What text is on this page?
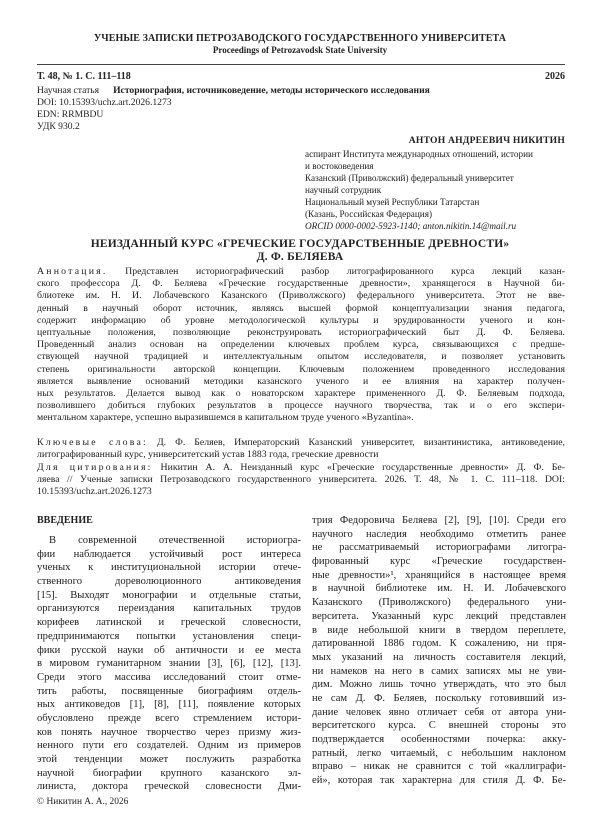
УЧЕНЫЕ ЗАПИСКИ ПЕТРОЗАВОДСКОГО ГОСУДАРСТВЕННОГО УНИВЕРСИТЕТА
Proceedings of Petrozavodsk State University
Т. 48, № 1. С. 111–118	2026
Научная статья Историография, источниковедение, методы исторического исследования
DOI: 10.15393/uchz.art.2026.1273
EDN: RRMBDU
УДК 930.2
АНТОН АНДРЕЕВИЧ НИКИТИН
аспирант Института международных отношений, истории
и востоковедения
Казанский (Приволжский) федеральный университет
научный сотрудник
Национальный музей Республики Татарстан
(Казань, Российская Федерация)
ORCID 0000-0002-5923-1140; anton.nikitin.14@mail.ru
НЕИЗДАННЫЙ КУРС «ГРЕЧЕСКИЕ ГОСУДАРСТВЕННЫЕ ДРЕВНОСТИ»
Д. Ф. БЕЛЯЕВА
Аннотация. Представлен историографический разбор литографированного курса лекций казан-
ского профессора Д. Ф. Беляева «Греческие государственные древности», хранящегося в Научной би-
блиотеке им. Н. И. Лобачевского Казанского (Приволжского) федерального университета. Этот не вве-
денный в научный оборот источник, являясь высшей формой концептуализации знания педагога,
содержит информацию об уровне методологической культуры и эрудированности ученого и кон-
цептуальные положения, позволяющие реконструировать историографический быт Д. Ф. Беляева.
Проведенный анализ основан на определении ключевых проблем курса, связывающихся с предше-
ствующей научной традицией и интеллектуальным опытом исследователя, и позволяет установить
степень оригинальности авторской концепции. Ключевым положением проведенного исследования
является выявление оснований методики казанского ученого и ее влияния на характер получен-
ных результатов. Делается вывод как о новаторском характере примененного Д. Ф. Беляевым подхода,
позволившего добиться глубоких результатов в процессе научного творчества, так и о его экспери-
ментальном характере, успешно выразившемся в капитальном труде ученого «Byzantina».
Ключевые слова: Д. Ф. Беляев, Императорский Казанский университет, византинистика, антиковедение,
литографированный курс, университетский устав 1883 года, греческие древности
Для цитирования: Никитин А. А. Неизданный курс «Греческие государственные древности» Д. Ф. Бе-
ляева // Ученые записки Петрозаводского государственного университета. 2026. Т. 48, № 1. С. 111–118. DOI:
10.15393/uchz.art.2026.1273
ВВЕДЕНИЕ
В современной отечественной историогра-
фии наблюдается устойчивый рост интереса
ученых к институциональной истории отече-
ственного дореволюционного антиковедения
[15]. Выходят монографии и отдельные статьи,
организуются переиздания капитальных трудов
корифеев латинской и греческой словесности,
предпринимаются попытки установления специ-
фики русской науки об античности и ее места
в мировом гуманитарном знании [3], [6], [12], [13].
Среди этого массива исследований стоит отме-
тить работы, посвященные биографиям отдель-
ных антиковедов [1], [8], [11], появление которых
обусловлено прежде всего стремлением истори-
ков понять научное творчество через призму жиз-
ненного пути его создателей. Одним из примеров
этой тенденции может послужить разработка
научной биографии крупного казанского эл-
линиста, доктора греческой словесности Дми-
трия Федоровича Беляева [2], [9], [10]. Среди его
научного наследия необходимо отметить ранее
не рассматриваемый историографами литогра-
фированный курс «Греческие государствен-
ные древности»¹, хранящийся в настоящее время
в научной библиотеке им. Н. И. Лобачевского
Казанского (Приволжского) федерального уни-
верситета. Указанный курс лекций представлен
в виде небольшой книги в твердом переплете,
датированной 1886 годом. К сожалению, ни пря-
мых указаний на личность составителя лекций,
ни намеков на него в самих записях мы не уви-
дим. Можно лишь точно утверждать, что это был
не сам Д. Ф. Беляев, поскольку готовивший из-
дание человек явно отличает себя от автора уни-
верситетского курса. С внешней стороны это
подтверждается особенностями почерка: акку-
ратный, легко читаемый, с небольшим наклоном
вправо – никак не сравнится с той «каллиграфи-
ей», которая так характерна для стиля Д. Ф. Бе-
© Никитин А. А., 2026
